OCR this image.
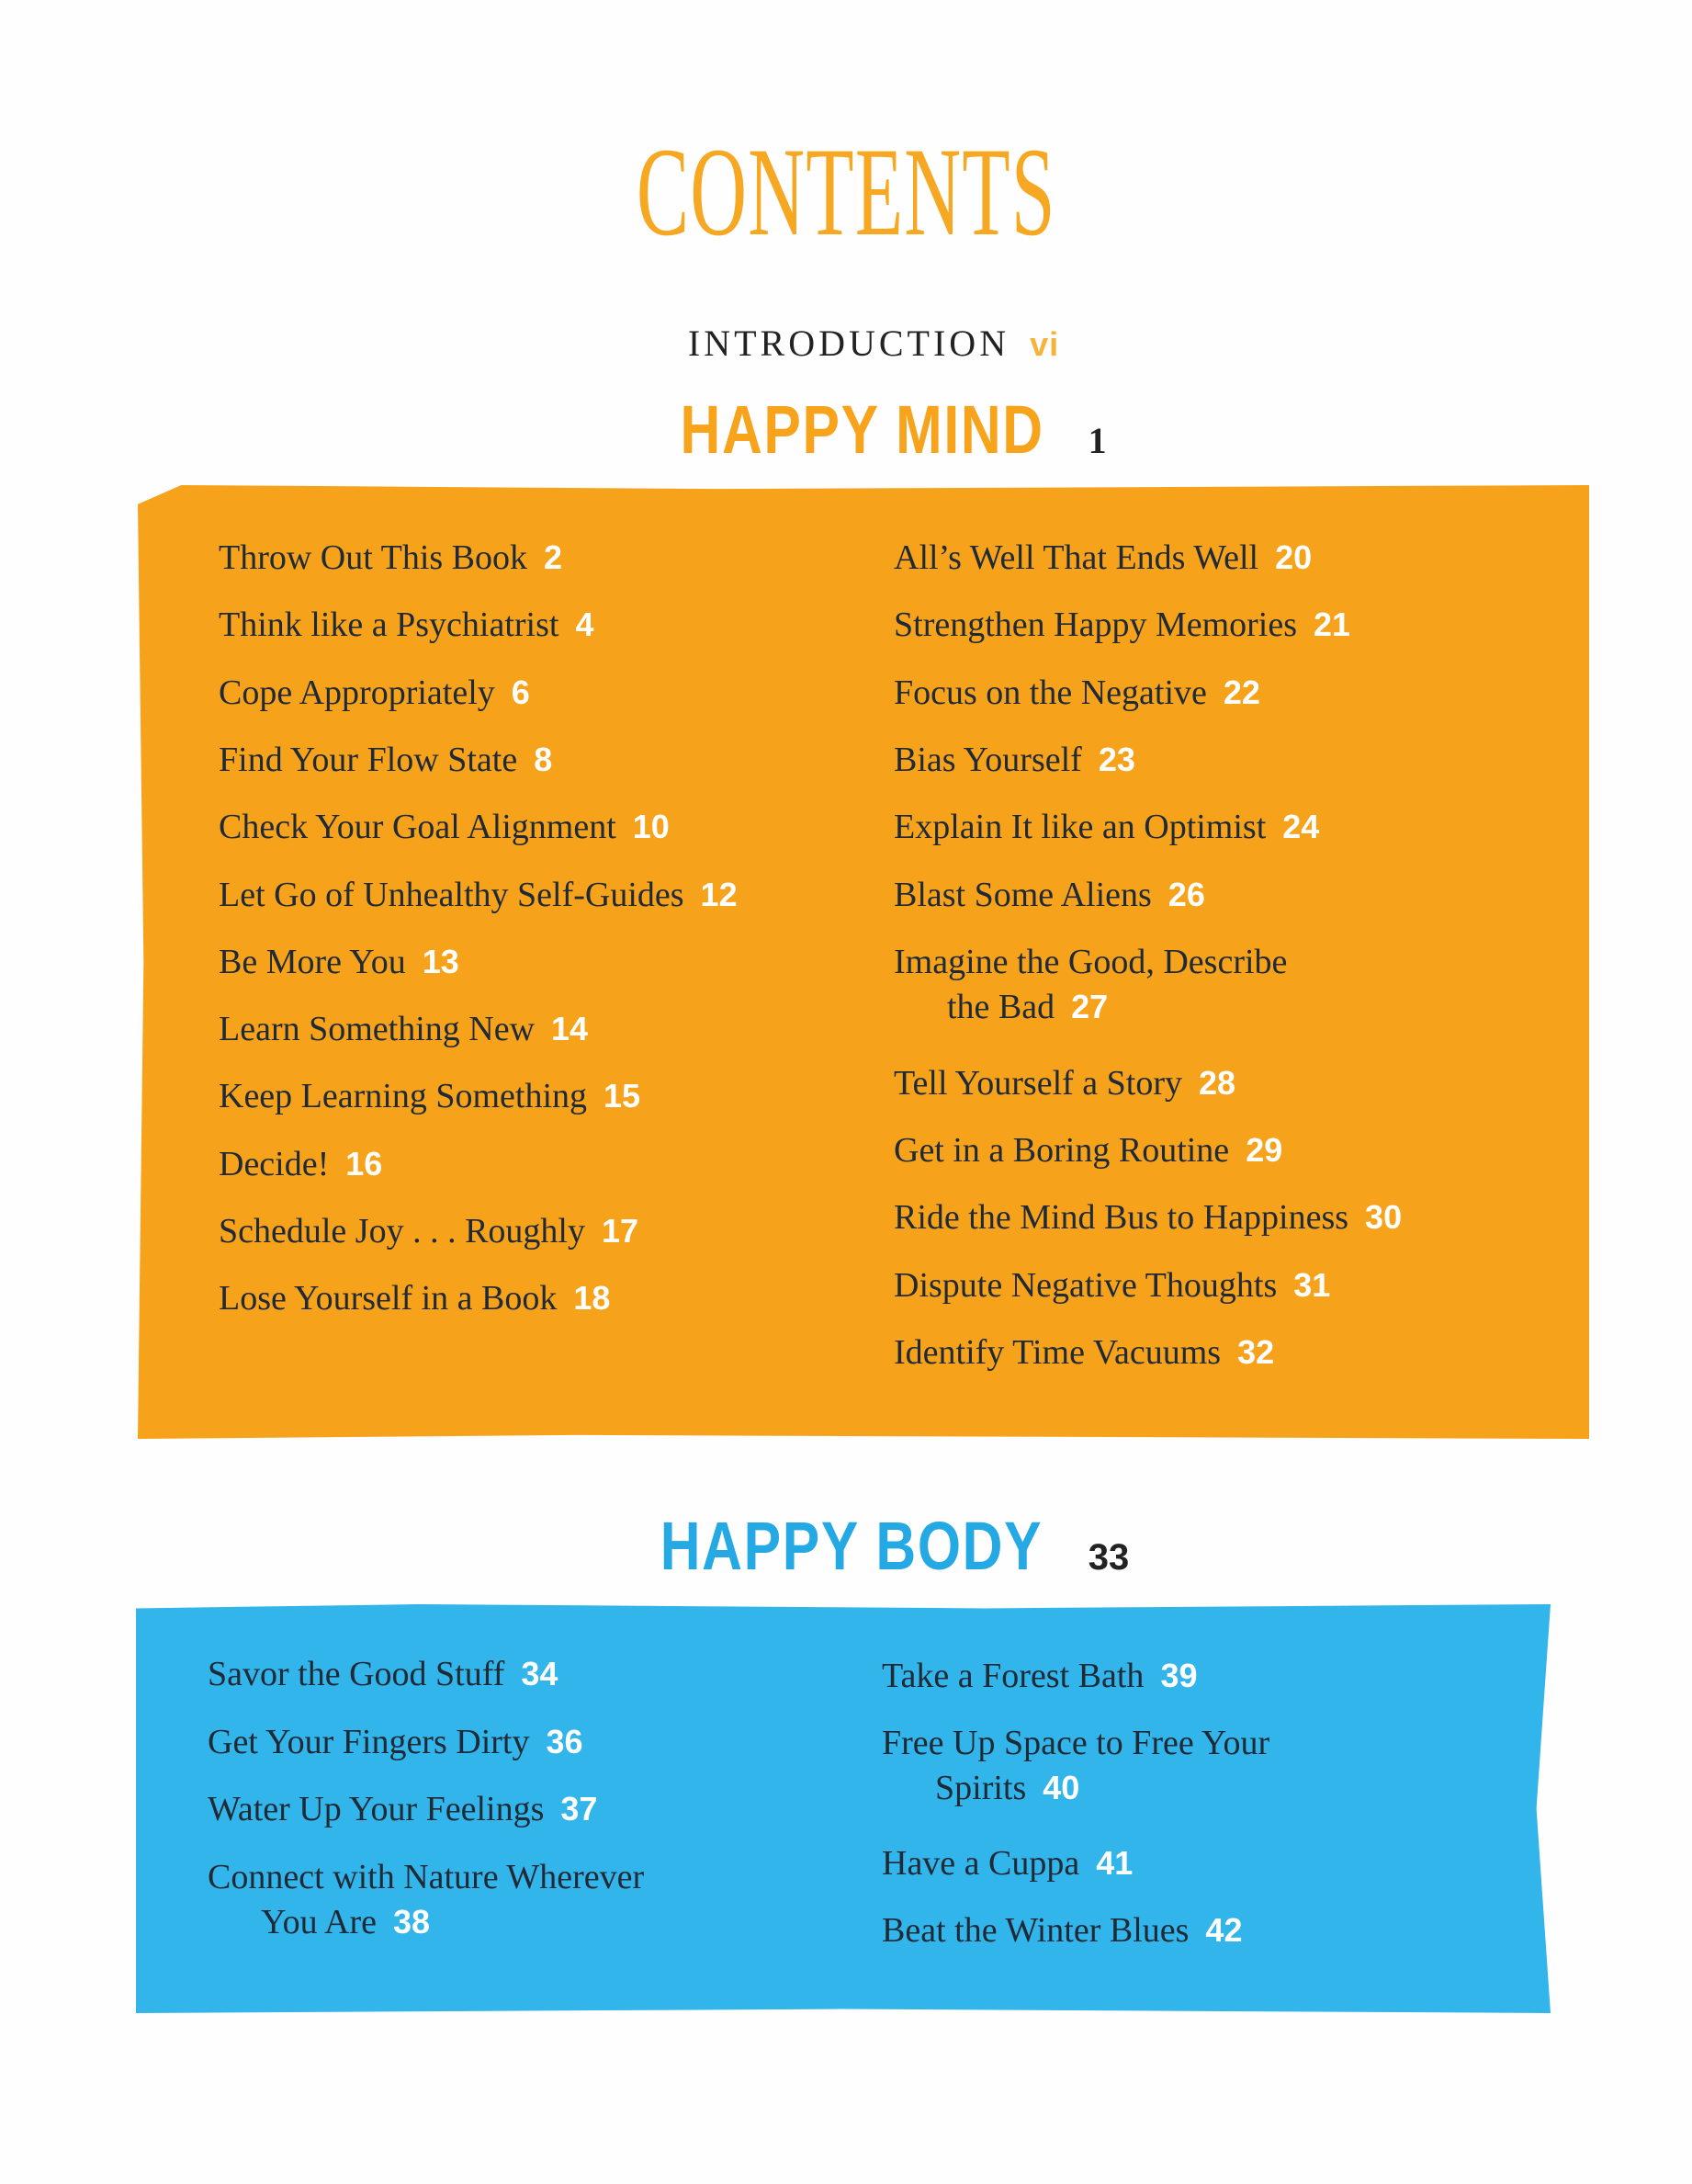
CONTENTS
INTRODUCTION vi
HAPPY MIND 1
Throw Out This Book 2
Think like a Psychiatrist 4
Cope Appropriately 6
Find Your Flow State 8
Check Your Goal Alignment 10
Let Go of Unhealthy Self-Guides 12
Be More You 13
Learn Something New 14
Keep Learning Something 15
Decide! 16
Schedule Joy . . . Roughly 17
Lose Yourself in a Book 18
All’s Well That Ends Well 20
Strengthen Happy Memories 21
Focus on the Negative 22
Bias Yourself 23
Explain It like an Optimist 24
Blast Some Aliens 26
Imagine the Good, Describe
the Bad 27
Tell Yourself a Story 28
Get in a Boring Routine 29
Ride the Mind Bus to Happiness 30
Dispute Negative Thoughts 31
Identify Time Vacuums 32
HAPPY BODY 33
Savor the Good Stuff 34
Get Your Fingers Dirty 36
Water Up Your Feelings 37
Connect with Nature Wherever
You Are 38
Take a Forest Bath 39
Free Up Space to Free Your
Spirits 40
Have a Cuppa 41
Beat the Winter Blues 42
